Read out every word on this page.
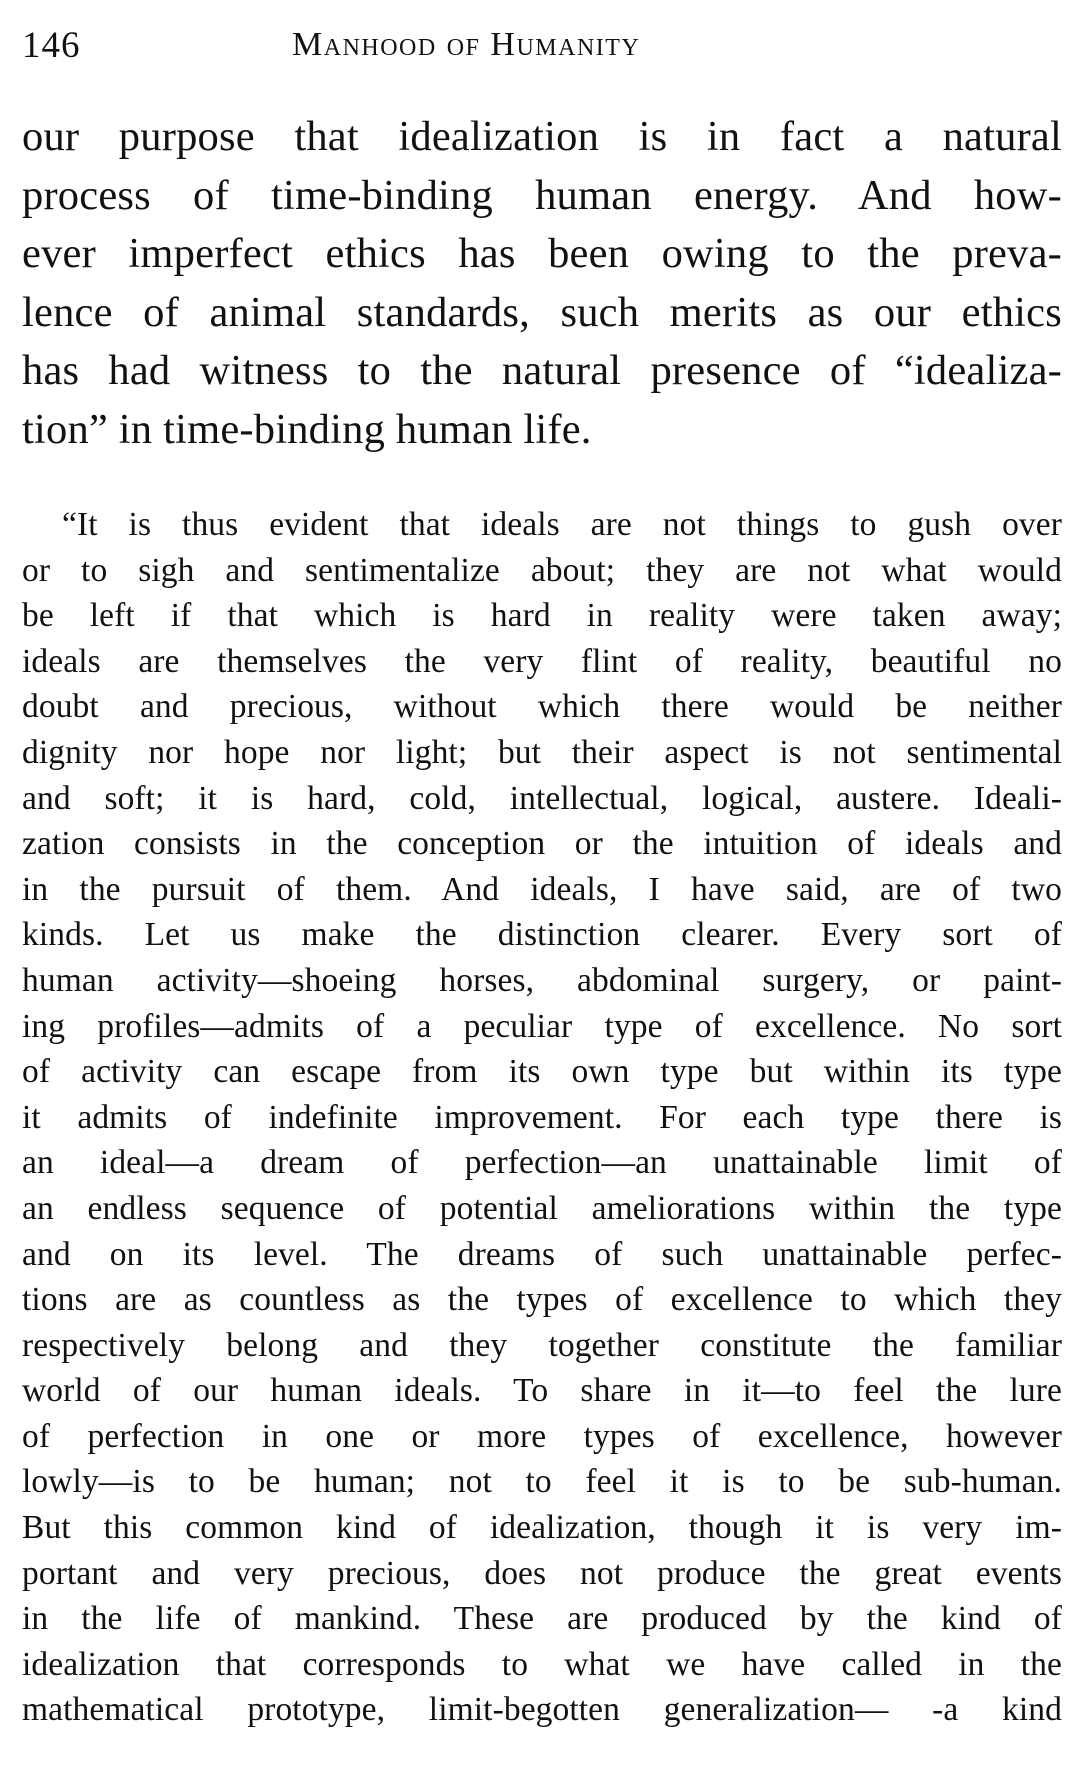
146	Manhood of Humanity
our purpose that idealization is in fact a natural
process of time-binding human energy. And how-
ever imperfect ethics has been owing to the preva-
lence of animal standards, such merits as our ethics
has had witness to the natural presence of “idealiza-
tion” in time-binding human life.
“It is thus evident that ideals are not things to gush over
or to sigh and sentimentalize about; they are not what would
be left if that which is hard in reality were taken away;
ideals are themselves the very flint of reality, beautiful no
doubt and precious, without which there would be neither
dignity nor hope nor light; but their aspect is not sentimental
and soft; it is hard, cold, intellectual, logical, austere. Ideali-
zation consists in the conception or the intuition of ideals and
in the pursuit of them. And ideals, I have said, are of two
kinds. Let us make the distinction clearer. Every sort of
human activity—shoeing horses, abdominal surgery, or paint-
ing profiles—admits of a peculiar type of excellence. No sort
of activity can escape from its own type but within its type
it admits of indefinite improvement. For each type there is
an ideal—a dream of perfection—an unattainable limit of
an endless sequence of potential ameliorations within the type
and on its level. The dreams of such unattainable perfec-
tions are as countless as the types of excellence to which they
respectively belong and they together constitute the familiar
world of our human ideals. To share in it—to feel the lure
of perfection in one or more types of excellence, however
lowly—is to be human; not to feel it is to be sub-human.
But this common kind of idealization, though it is very im-
portant and very precious, does not produce the great events
in the life of mankind. These are produced by the kind of
idealization that corresponds to what we have called in the
mathematical prototype, limit-begotten generalization— -a kind
